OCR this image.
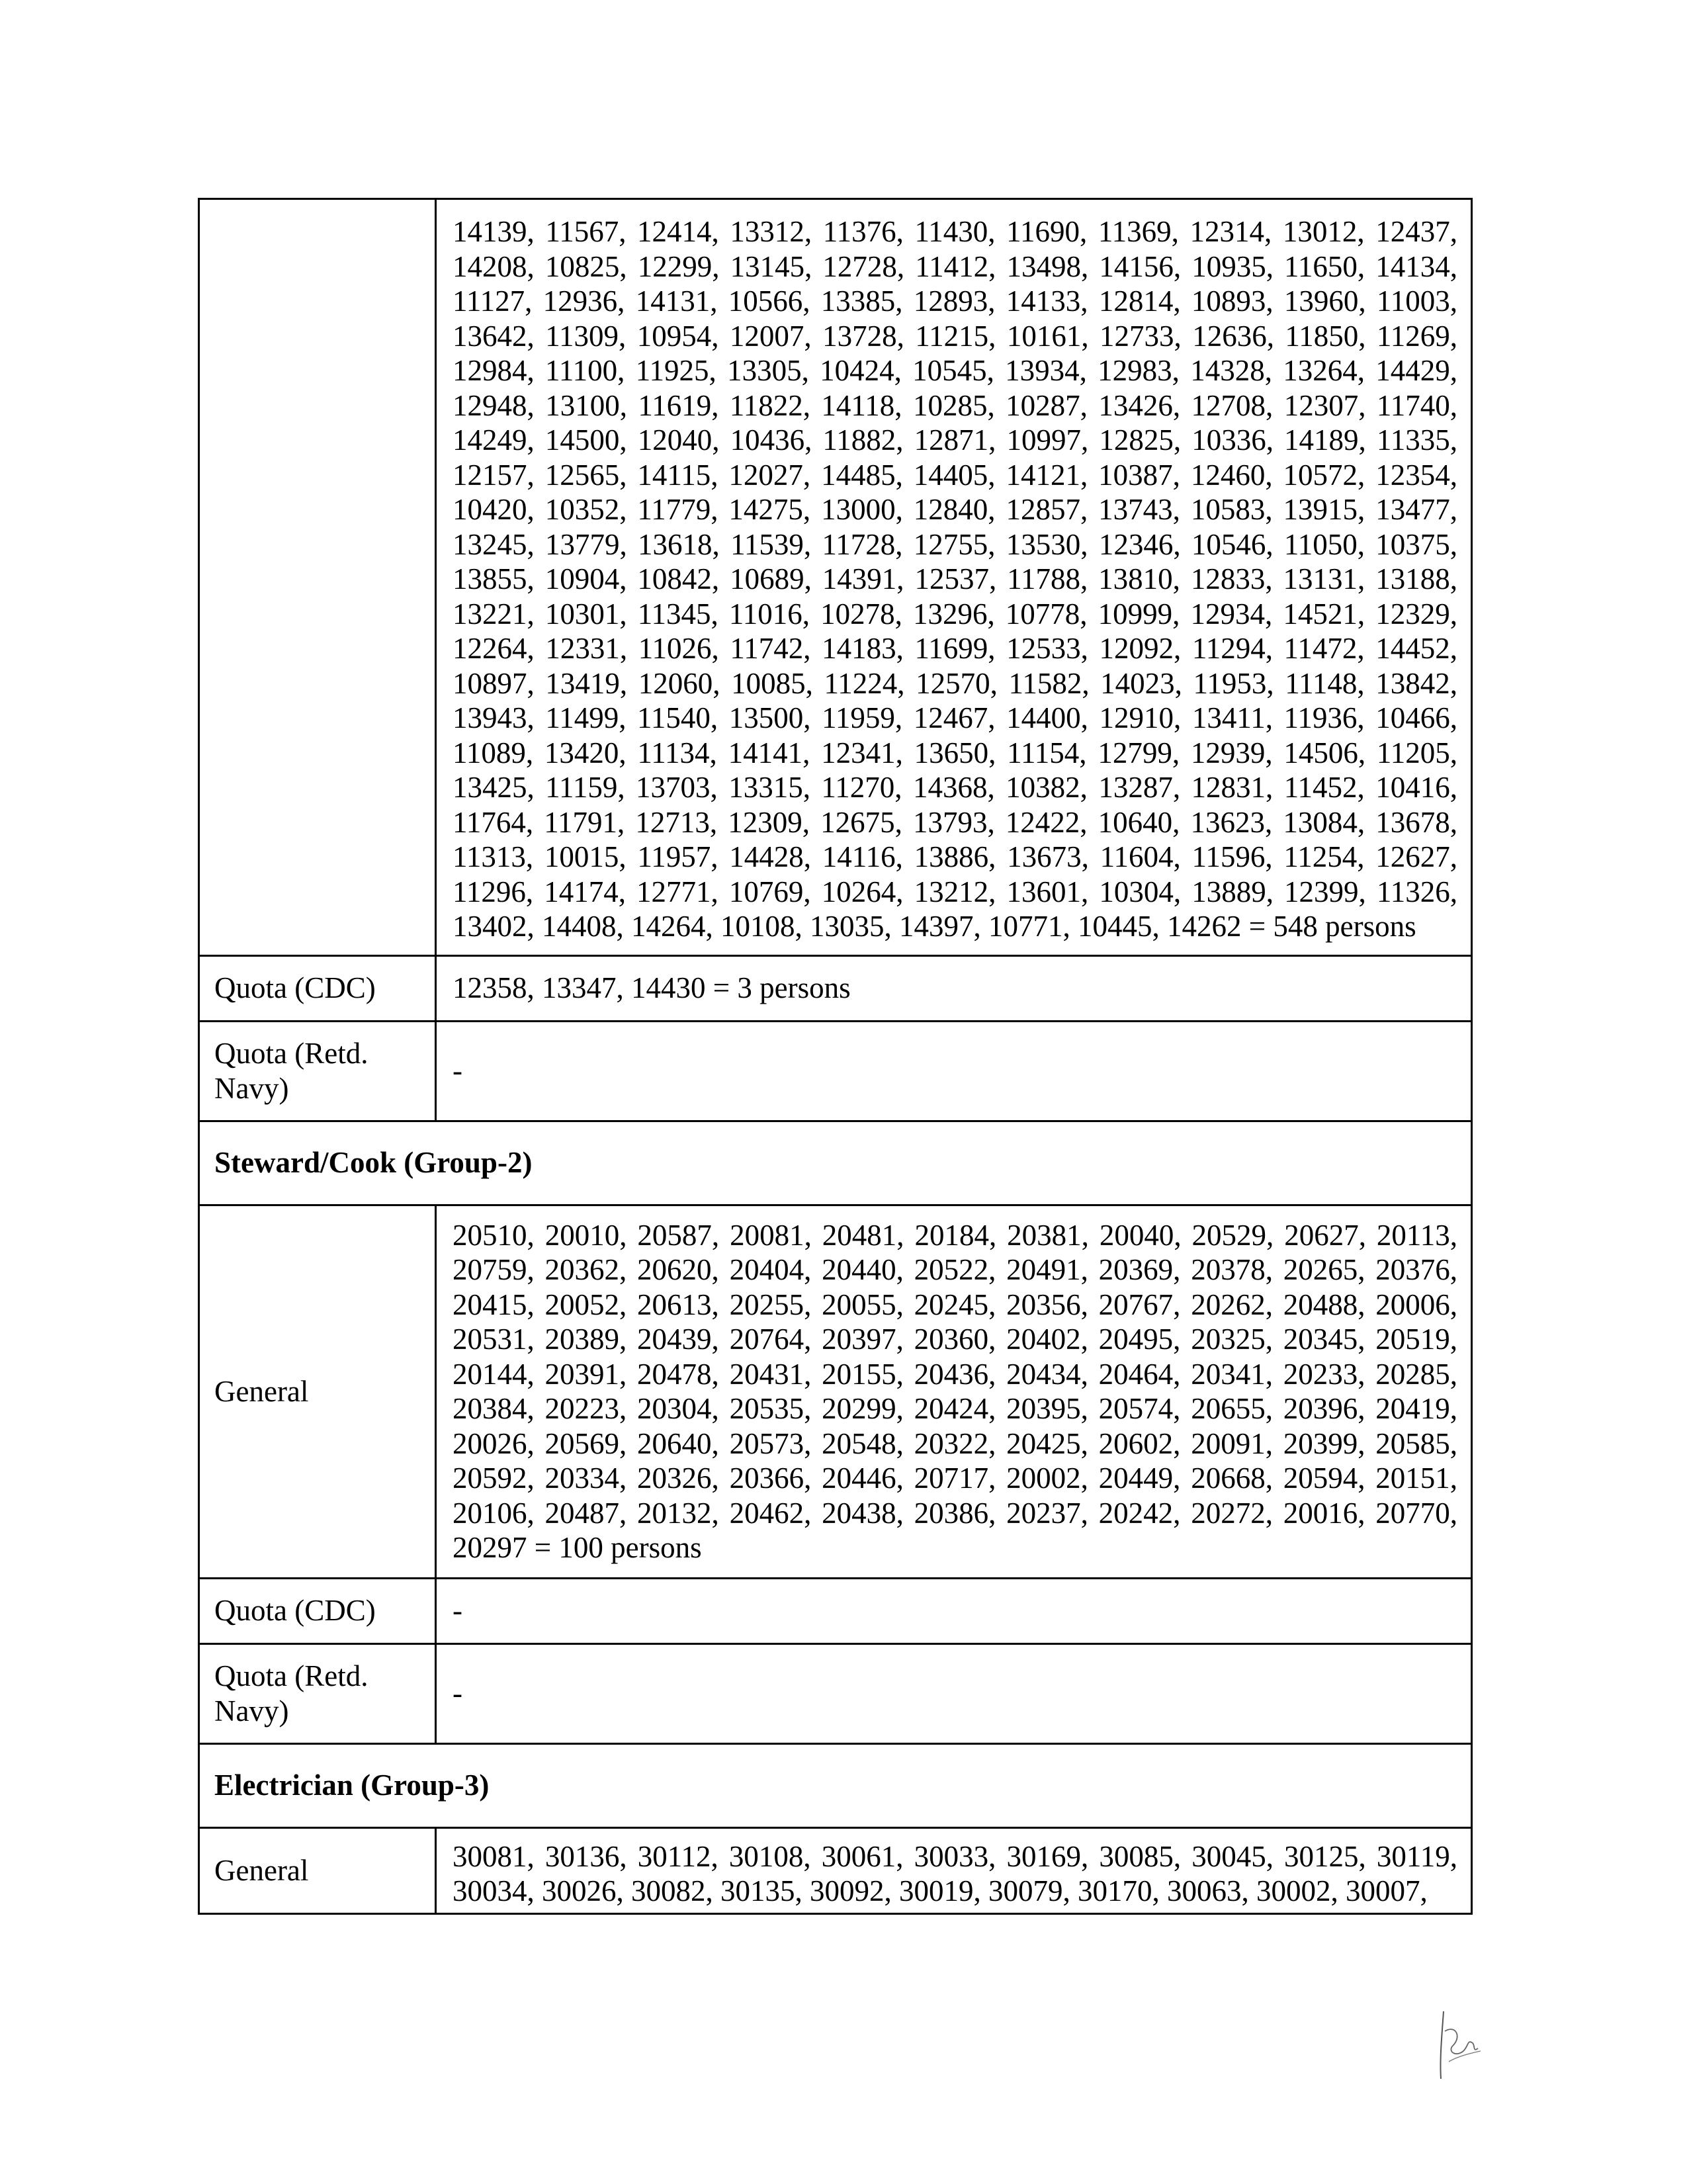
	14139, 11567, 12414, 13312, 11376, 11430, 11690, 11369, 12314, 13012, 12437, 14208, 10825, 12299, 13145, 12728, 11412, 13498, 14156, 10935, 11650, 14134, 11127, 12936, 14131, 10566, 13385, 12893, 14133, 12814, 10893, 13960, 11003, 13642, 11309, 10954, 12007, 13728, 11215, 10161, 12733, 12636, 11850, 11269, 12984, 11100, 11925, 13305, 10424, 10545, 13934, 12983, 14328, 13264, 14429, 12948, 13100, 11619, 11822, 14118, 10285, 10287, 13426, 12708, 12307, 11740, 14249, 14500, 12040, 10436, 11882, 12871, 10997, 12825, 10336, 14189, 11335, 12157, 12565, 14115, 12027, 14485, 14405, 14121, 10387, 12460, 10572, 12354, 10420, 10352, 11779, 14275, 13000, 12840, 12857, 13743, 10583, 13915, 13477, 13245, 13779, 13618, 11539, 11728, 12755, 13530, 12346, 10546, 11050, 10375, 13855, 10904, 10842, 10689, 14391, 12537, 11788, 13810, 12833, 13131, 13188, 13221, 10301, 11345, 11016, 10278, 13296, 10778, 10999, 12934, 14521, 12329, 12264, 12331, 11026, 11742, 14183, 11699, 12533, 12092, 11294, 11472, 14452, 10897, 13419, 12060, 10085, 11224, 12570, 11582, 14023, 11953, 11148, 13842, 13943, 11499, 11540, 13500, 11959, 12467, 14400, 12910, 13411, 11936, 10466, 11089, 13420, 11134, 14141, 12341, 13650, 11154, 12799, 12939, 14506, 11205, 13425, 11159, 13703, 13315, 11270, 14368, 10382, 13287, 12831, 11452, 10416, 11764, 11791, 12713, 12309, 12675, 13793, 12422, 10640, 13623, 13084, 13678, 11313, 10015, 11957, 14428, 14116, 13886, 13673, 11604, 11596, 11254, 12627, 11296, 14174, 12771, 10769, 10264, 13212, 13601, 10304, 13889, 12399, 11326, 13402, 14408, 14264, 10108, 13035, 14397, 10771, 10445, 14262 = 548 persons
Quota (CDC)	12358, 13347, 14430 = 3 persons
Quota (Retd. Navy)	-
Steward/Cook (Group-2)	
General	20510, 20010, 20587, 20081, 20481, 20184, 20381, 20040, 20529, 20627, 20113, 20759, 20362, 20620, 20404, 20440, 20522, 20491, 20369, 20378, 20265, 20376, 20415, 20052, 20613, 20255, 20055, 20245, 20356, 20767, 20262, 20488, 20006, 20531, 20389, 20439, 20764, 20397, 20360, 20402, 20495, 20325, 20345, 20519, 20144, 20391, 20478, 20431, 20155, 20436, 20434, 20464, 20341, 20233, 20285, 20384, 20223, 20304, 20535, 20299, 20424, 20395, 20574, 20655, 20396, 20419, 20026, 20569, 20640, 20573, 20548, 20322, 20425, 20602, 20091, 20399, 20585, 20592, 20334, 20326, 20366, 20446, 20717, 20002, 20449, 20668, 20594, 20151, 20106, 20487, 20132, 20462, 20438, 20386, 20237, 20242, 20272, 20016, 20770, 20297 = 100 persons
Quota (CDC)	-
Quota (Retd. Navy)	-
Electrician (Group-3)	
General	30081, 30136, 30112, 30108, 30061, 30033, 30169, 30085, 30045, 30125, 30119, 30034, 30026, 30082, 30135, 30092, 30019, 30079, 30170, 30063, 30002, 30007,
